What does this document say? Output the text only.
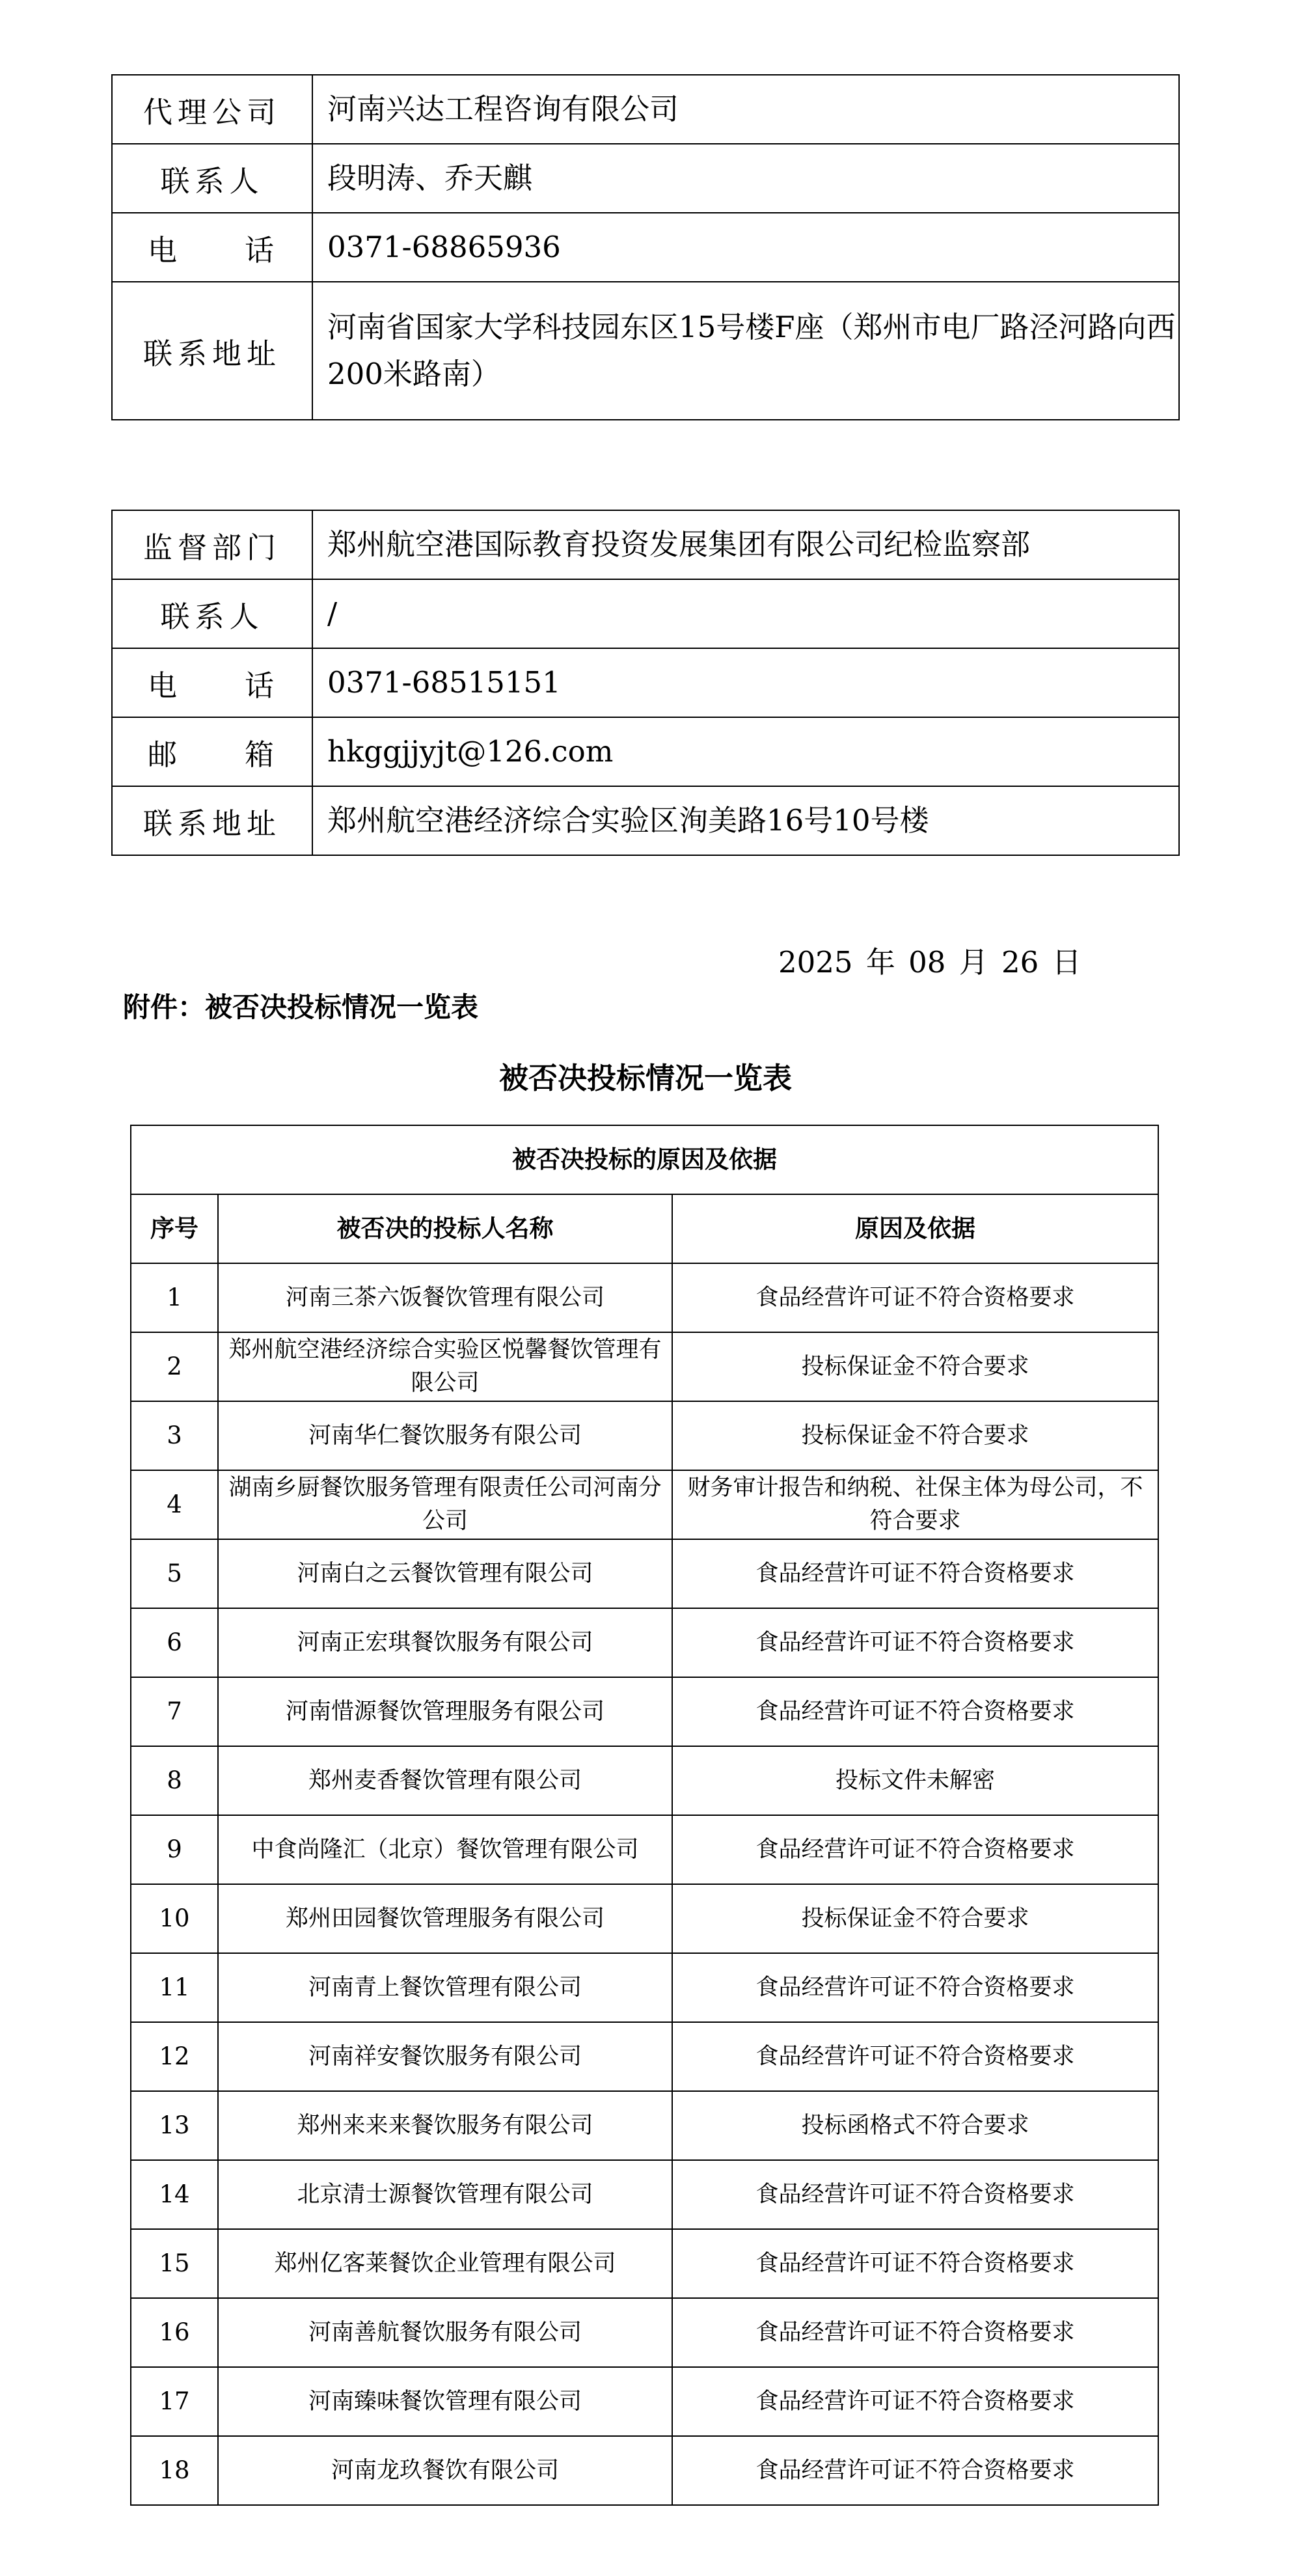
代理公司	河南兴达工程咨询有限公司
联系人	段明涛、乔天麒

电 话	0371-68865936
联系地址	河南省国家大学科技园东区15号楼F座（郑州市电厂路泾河路向西200米路南）
监督部门	郑州航空港国际教育投资发展集团有限公司纪检监察部
联系人	/

电 话	0371-68515151

邮 箱	hkggjjyjt@126.com
联系地址	郑州航空港经济综合实验区洵美路16号10号楼
2025 年 08 月 26 日
附件：被否决投标情况一览表
被否决投标情况一览表
被否决投标的原因及依据		
序号	被否决的投标人名称	原因及依据
1	河南三茶六饭餐饮管理有限公司	食品经营许可证不符合资格要求
2	郑州航空港经济综合实验区悦馨餐饮管理有限公司	投标保证金不符合要求
3	河南华仁餐饮服务有限公司	投标保证金不符合要求
4	湖南乡厨餐饮服务管理有限责任公司河南分公司	财务审计报告和纳税、社保主体为母公司，不符合要求
5	河南白之云餐饮管理有限公司	食品经营许可证不符合资格要求
6	河南正宏琪餐饮服务有限公司	食品经营许可证不符合资格要求
7	河南惜源餐饮管理服务有限公司	食品经营许可证不符合资格要求
8	郑州麦香餐饮管理有限公司	投标文件未解密
9	中食尚隆汇（北京）餐饮管理有限公司	食品经营许可证不符合资格要求
10	郑州田园餐饮管理服务有限公司	投标保证金不符合要求
11	河南青上餐饮管理有限公司	食品经营许可证不符合资格要求
12	河南祥安餐饮服务有限公司	食品经营许可证不符合资格要求
13	郑州来来来餐饮服务有限公司	投标函格式不符合要求
14	北京清士源餐饮管理有限公司	食品经营许可证不符合资格要求
15	郑州亿客莱餐饮企业管理有限公司	食品经营许可证不符合资格要求
16	河南善航餐饮服务有限公司	食品经营许可证不符合资格要求
17	河南臻味餐饮管理有限公司	食品经营许可证不符合资格要求
18	河南龙玖餐饮有限公司	食品经营许可证不符合资格要求
